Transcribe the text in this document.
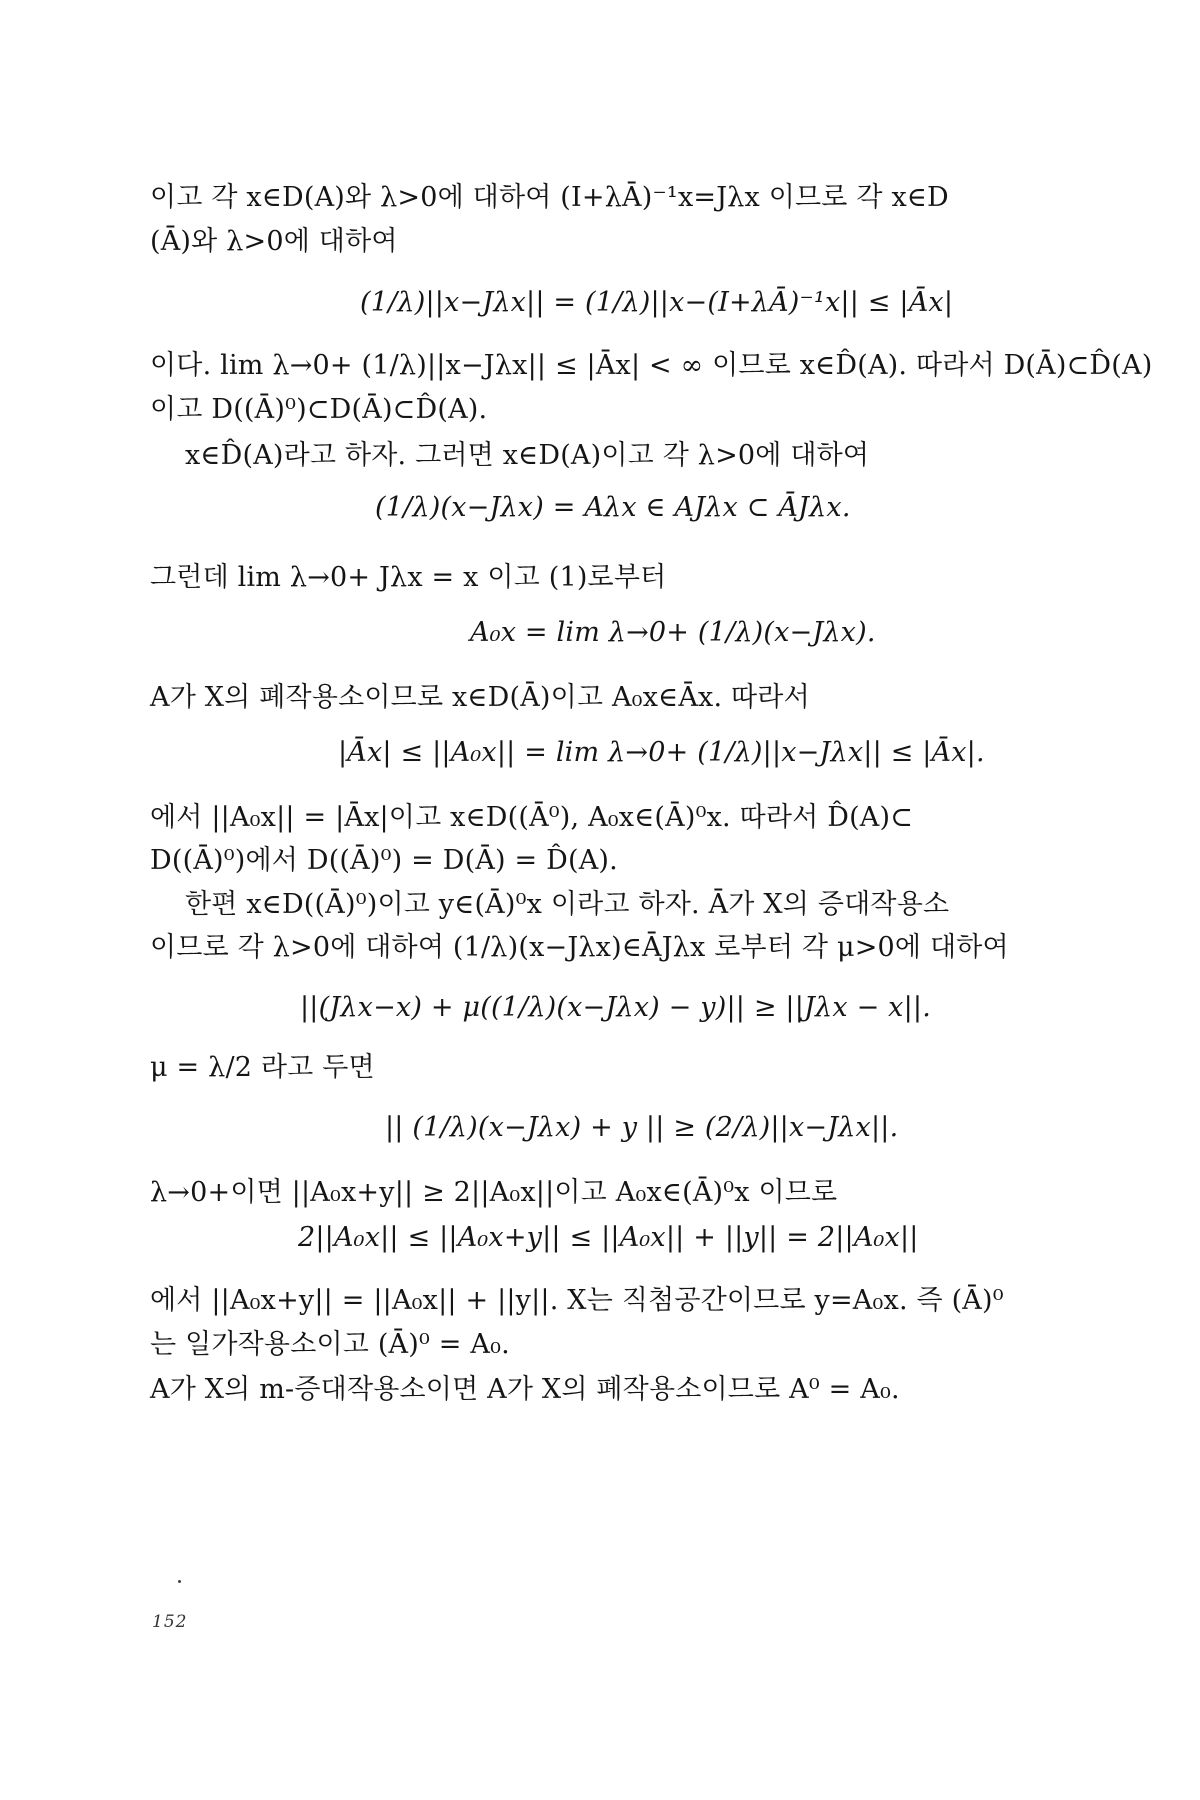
이고 각 x∈D(A)와 λ>0에 대하여 (I+λĀ)⁻¹x=Jλx 이므로 각 x∈D
(Ā)와 λ>0에 대하여
(1/λ)||x−Jλx|| = (1/λ)||x−(I+λĀ)⁻¹x|| ≤ |Āx|
이다. lim λ→0+ (1/λ)||x−Jλx|| ≤ |Āx| < ∞ 이므로 x∈D̂(A). 따라서 D(Ā)⊂D̂(A)
이고 D((Ā)⁰)⊂D(Ā)⊂D̂(A).
x∈D̂(A)라고 하자. 그러면 x∈D(A)이고 각 λ>0에 대하여
(1/λ)(x−Jλx) = Aλx ∈ AJλx ⊂ ĀJλx.
그런데 lim λ→0+ Jλx = x 이고 (1)로부터
A₀x = lim λ→0+ (1/λ)(x−Jλx).
A가 X의 폐작용소이므로 x∈D(Ā)이고 A₀x∈Āx. 따라서
|Āx| ≤ ||A₀x|| = lim λ→0+ (1/λ)||x−Jλx|| ≤ |Āx|.
에서 ||A₀x|| = |Āx|이고 x∈D((Ā⁰), A₀x∈(Ā)⁰x. 따라서 D̂(A)⊂
D((Ā)⁰)에서 D((Ā)⁰) = D(Ā) = D̂(A).
한편 x∈D((Ā)⁰)이고 y∈(Ā)⁰x 이라고 하자. Ā가 X의 증대작용소
이므로 각 λ>0에 대하여 (1/λ)(x−Jλx)∈ĀJλx 로부터 각 μ>0에 대하여
||(Jλx−x) + μ((1/λ)(x−Jλx) − y)|| ≥ ||Jλx − x||.
μ = λ/2 라고 두면
|| (1/λ)(x−Jλx) + y || ≥ (2/λ)||x−Jλx||.
λ→0+이면 ||A₀x+y|| ≥ 2||A₀x||이고 A₀x∈(Ā)⁰x 이므로
2||A₀x|| ≤ ||A₀x+y|| ≤ ||A₀x|| + ||y|| = 2||A₀x||
에서 ||A₀x+y|| = ||A₀x|| + ||y||. X는 직첨공간이므로 y=A₀x. 즉 (Ā)⁰
는 일가작용소이고 (Ā)⁰ = A₀.
A가 X의 m-증대작용소이면 A가 X의 폐작용소이므로 A⁰ = A₀.
152
